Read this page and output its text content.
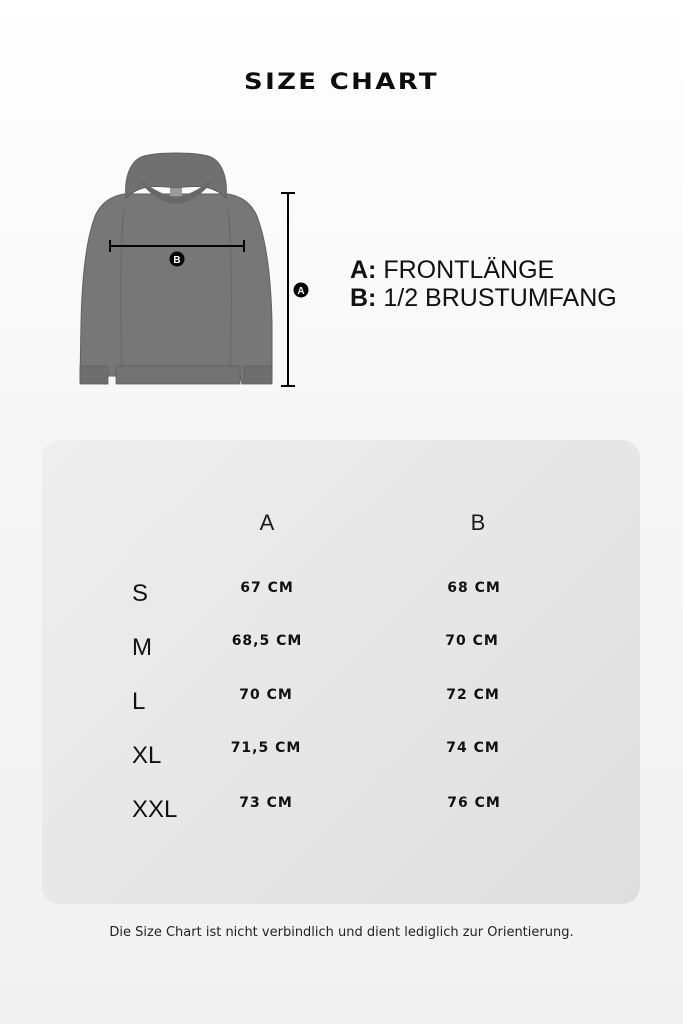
SIZE CHART
B
A
A: FRONTLÄNGE
B: 1/2 BRUSTUMFANG
A	B
S	67 CM	68 CM
M	68,5 CM	70 CM
L	70 CM	72 CM
XL	71,5 CM	74 CM
XXL	73 CM	76 CM
Die Size Chart ist nicht verbindlich und dient lediglich zur Orientierung.
